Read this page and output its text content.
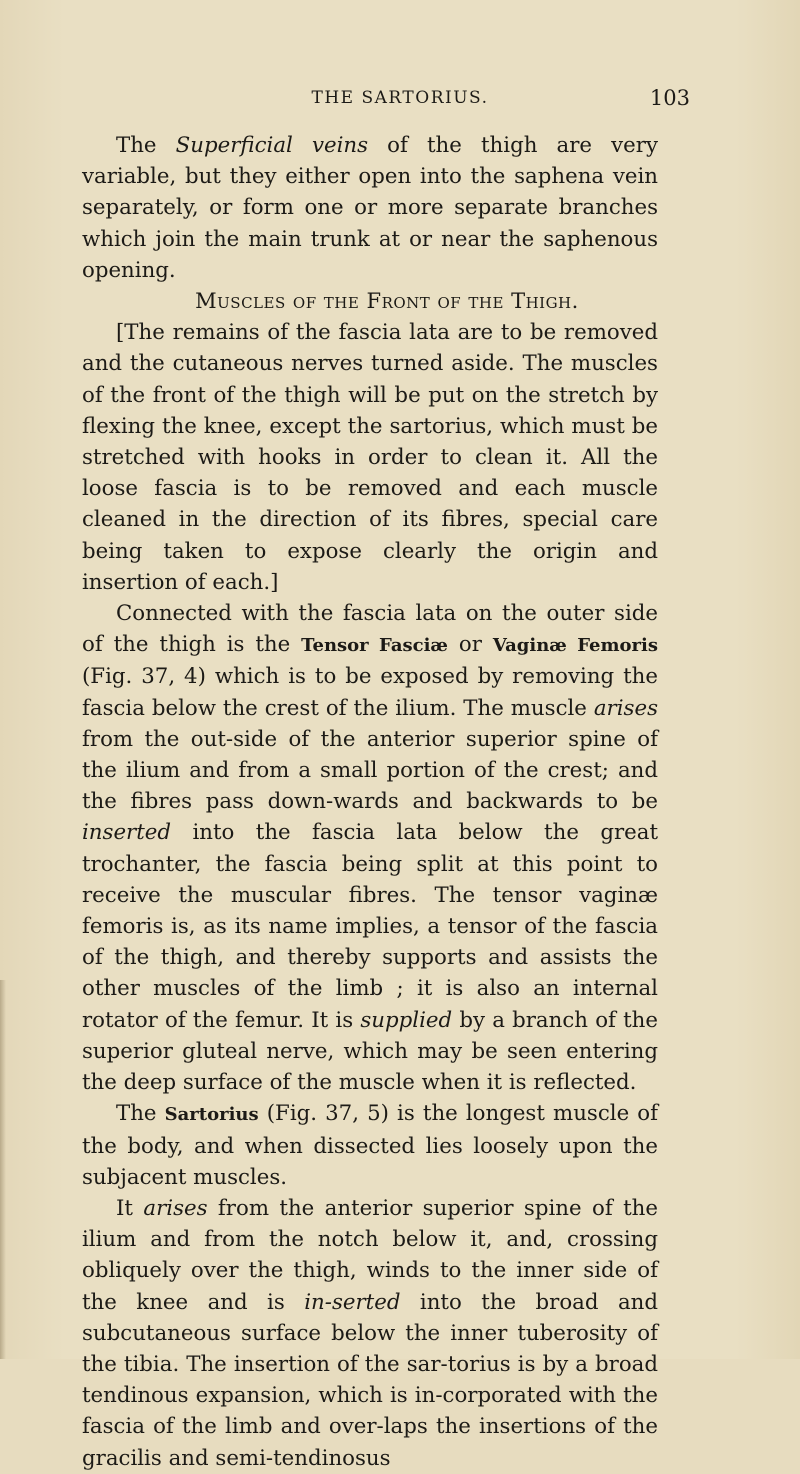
THE SARTORIUS.	103

The Superficial veins of the thigh are very variable, but they either open into the saphena vein separately, or form one or more separate branches which join the main trunk at or near the saphenous opening.

Muscles of the Front of the Thigh.

[The remains of the fascia lata are to be removed and the cutaneous nerves turned aside. The muscles of the front of the thigh will be put on the stretch by flexing the knee, except the sartorius, which must be stretched with hooks in order to clean it. All the loose fascia is to be removed and each muscle cleaned in the direction of its fibres, special care being taken to expose clearly the origin and insertion of each.]

Connected with the fascia lata on the outer side of the thigh is the Tensor Fasciæ or Vaginæ Femoris (Fig. 37, 4) which is to be exposed by removing the fascia below the crest of the ilium. The muscle arises from the out-side of the anterior superior spine of the ilium and from a small portion of the crest; and the fibres pass down-wards and backwards to be inserted into the fascia lata below the great trochanter, the fascia being split at this point to receive the muscular fibres. The tensor vaginæ femoris is, as its name implies, a tensor of the fascia of the thigh, and thereby supports and assists the other muscles of the limb ; it is also an internal rotator of the femur. It is supplied by a branch of the superior gluteal nerve, which may be seen entering the deep surface of the muscle when it is reflected.

The Sartorius (Fig. 37, 5) is the longest muscle of the body, and when dissected lies loosely upon the subjacent muscles.

It arises from the anterior superior spine of the ilium and from the notch below it, and, crossing obliquely over the thigh, winds to the inner side of the knee and is in-serted into the broad and subcutaneous surface below the inner tuberosity of the tibia. The insertion of the sar-torius is by a broad tendinous expansion, which is in-corporated with the fascia of the limb and over-laps the insertions of the gracilis and semi-tendinosus
